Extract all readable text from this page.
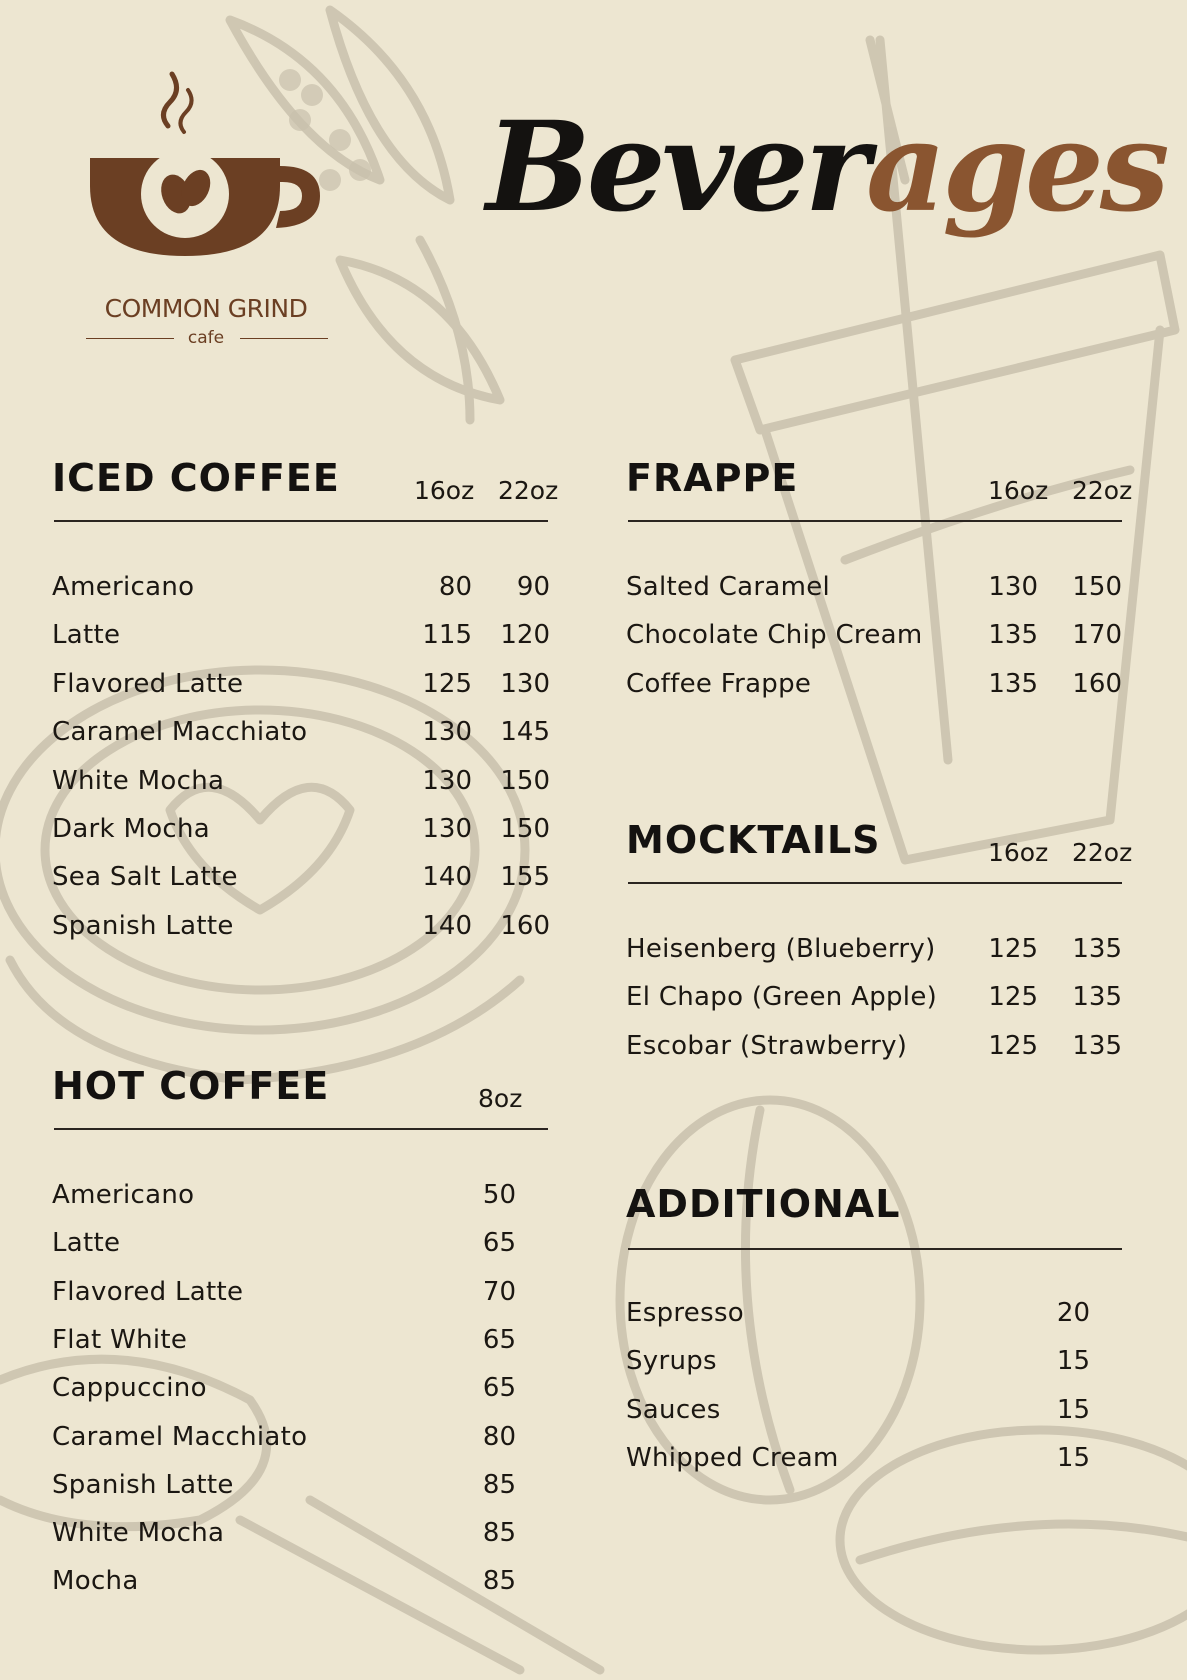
COMMON GRIND
cafe
Beverages
ICED COFFEE	16oz 22oz
Americano	80	90
Latte	115	120
Flavored Latte	125	130
Caramel Macchiato	130	145
White Mocha	130	150
Dark Mocha	130	150
Sea Salt Latte	140	155
Spanish Latte	140	160
HOT COFFEE	8oz
Americano	50
Latte	65
Flavored Latte	70
Flat White	65
Cappuccino	65
Caramel Macchiato	80
Spanish Latte	85
White Mocha	85
Mocha	85
FRAPPE	16oz 22oz
Salted Caramel	130 150
Chocolate Chip Cream	135 170
Coffee Frappe	135 160
MOCKTAILS	16oz 22oz
Heisenberg (Blueberry) 125 135
El Chapo (Green Apple) 125 135
Escobar (Strawberry)	125 135
ADDITIONAL
Espresso	20
Syrups	15
Sauces	15
Whipped Cream	15
